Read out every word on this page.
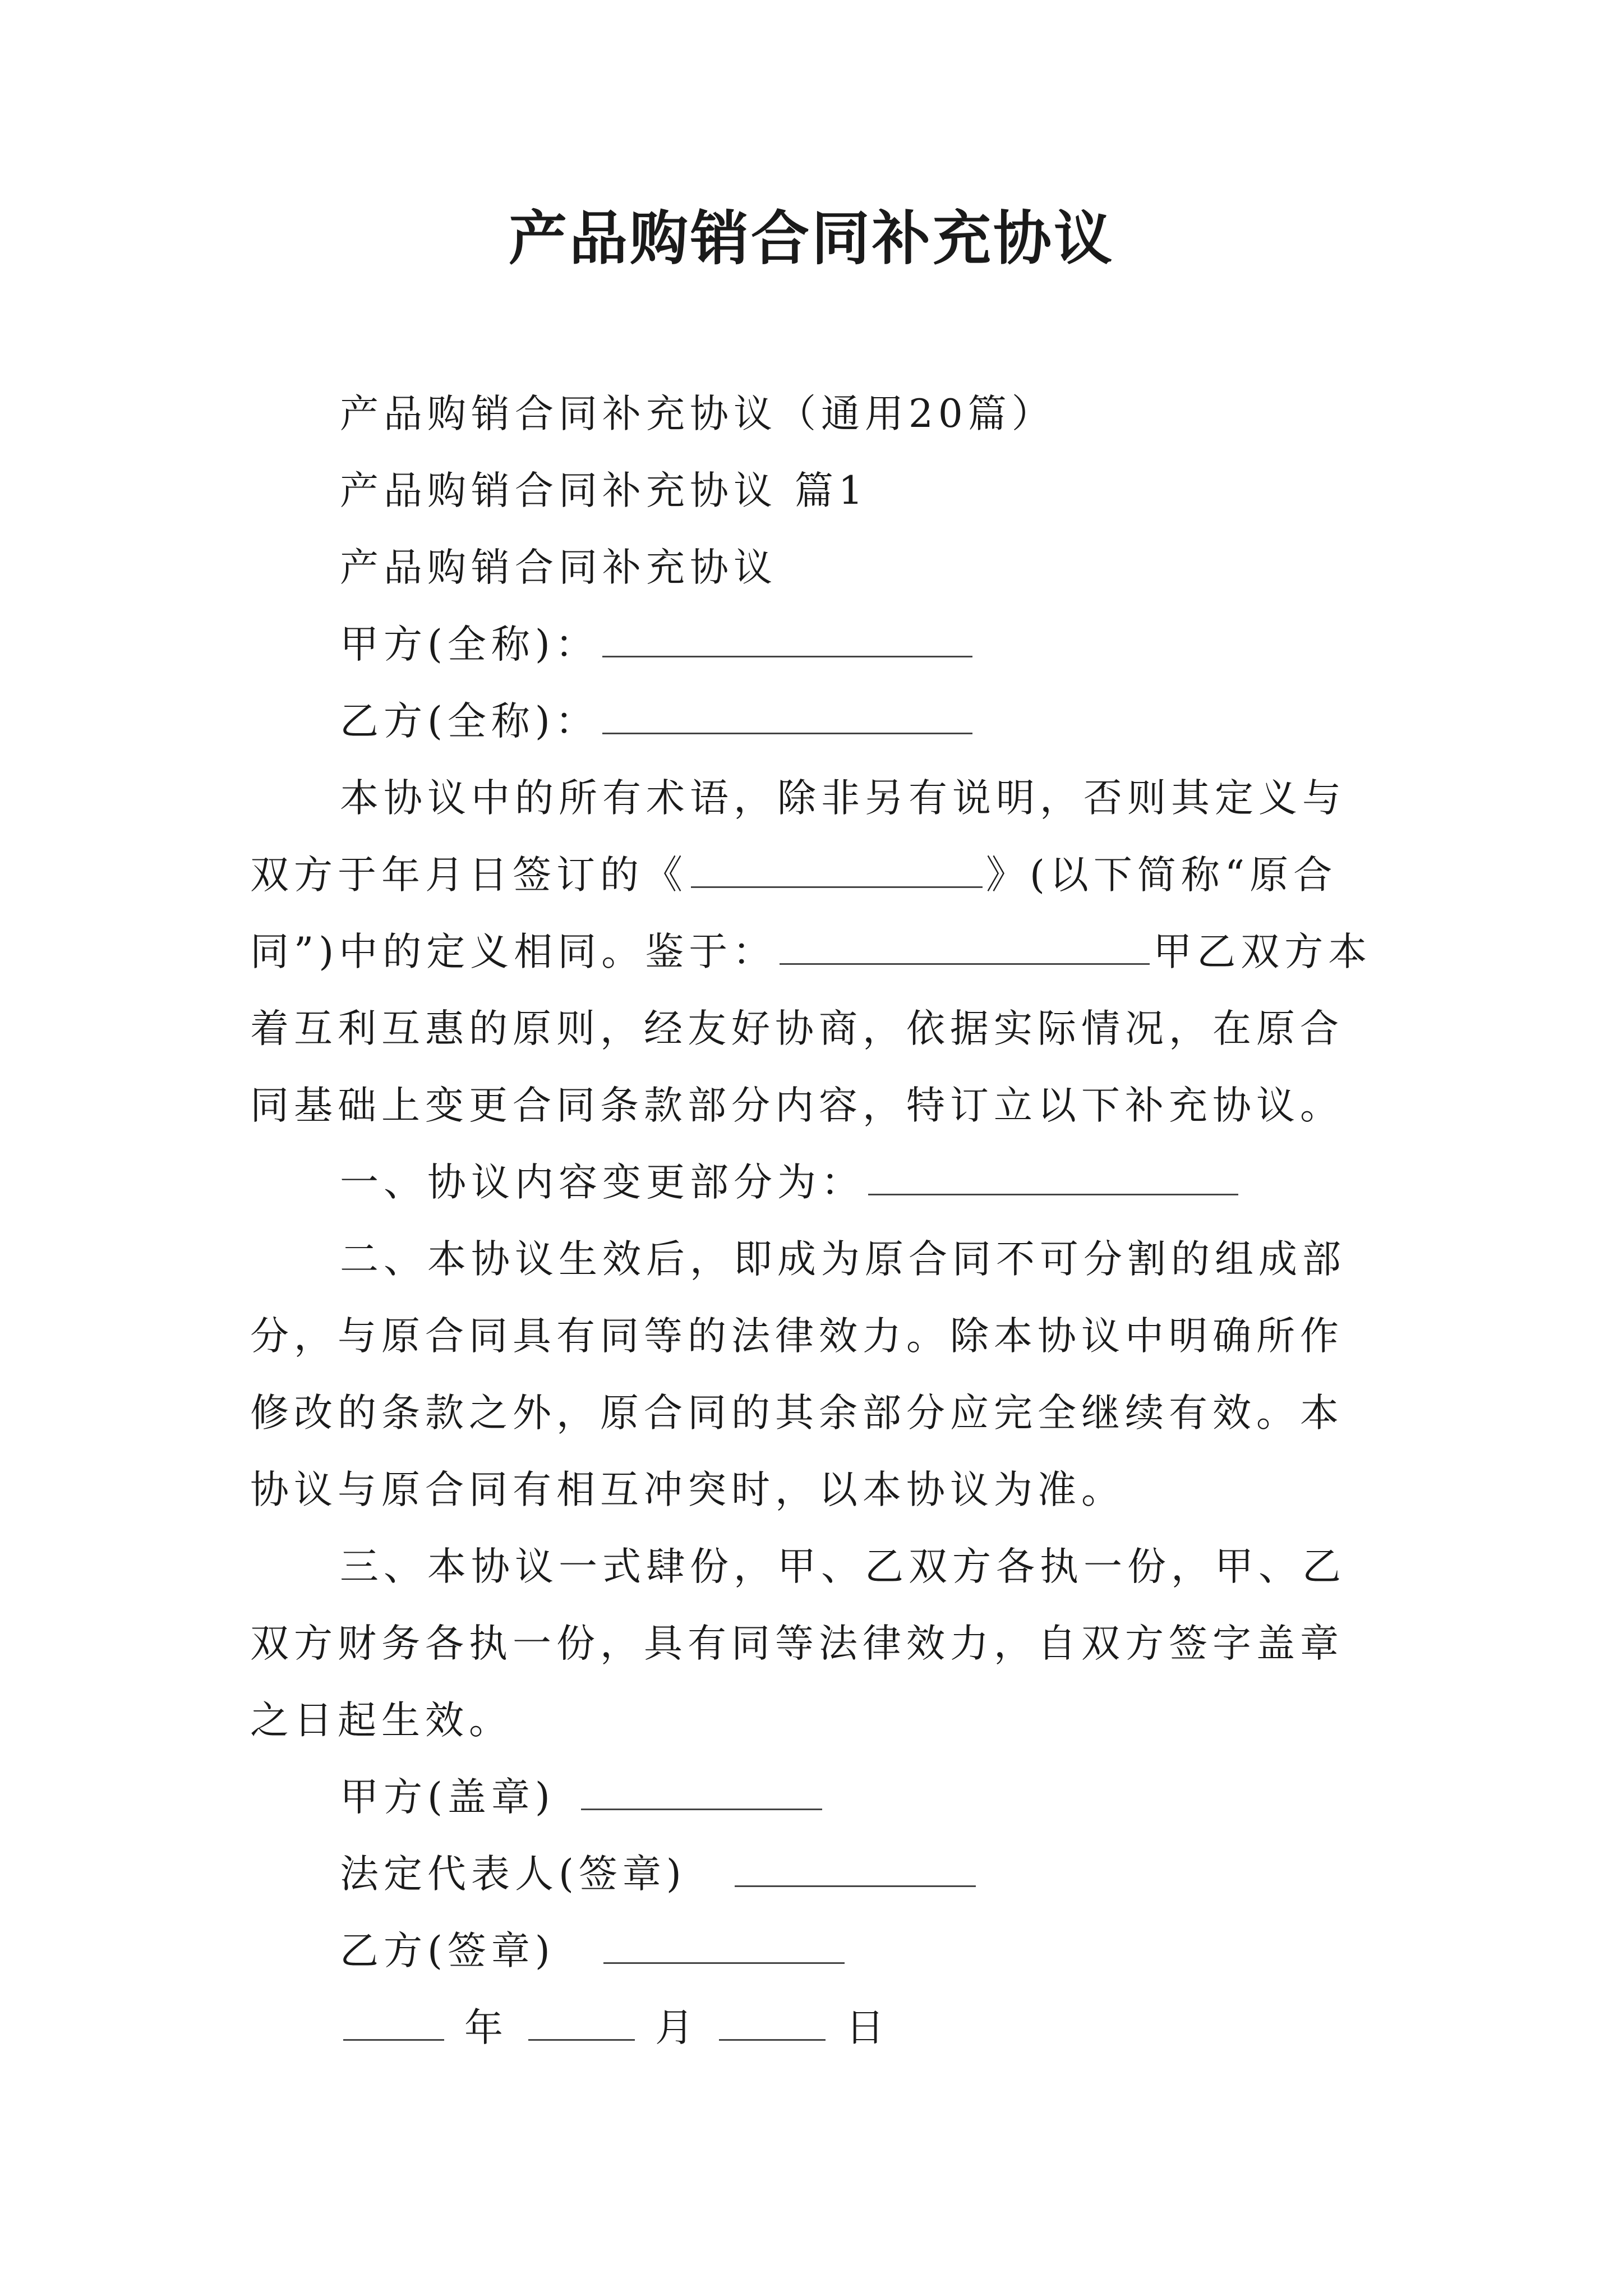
产品购销合同补充协议

产品购销合同补充协议（通用20篇）

产品购销合同补充协议 篇1

产品购销合同补充协议

甲方(全称)：

乙方(全称)：

本协议中的所有术语，除非另有说明，否则其定义与双方于年月日签订的《	》(以下简称“原合同”)中的定义相同。鉴于：	甲乙双方本着互利互惠的原则，经友好协商，依据实际情况，在原合同基础上变更合同条款部分内容，特订立以下补充协议。

一、协议内容变更部分为：

二、本协议生效后，即成为原合同不可分割的组成部分，与原合同具有同等的法律效力。除本协议中明确所作修改的条款之外，原合同的其余部分应完全继续有效。本协议与原合同有相互冲突时，以本协议为准。

三、本协议一式肆份，甲、乙双方各执一份，甲、乙双方财务各执一份，具有同等法律效力，自双方签字盖章之日起生效。

甲方(盖章)

法定代表人(签章)

乙方(签章)

年	月	日
